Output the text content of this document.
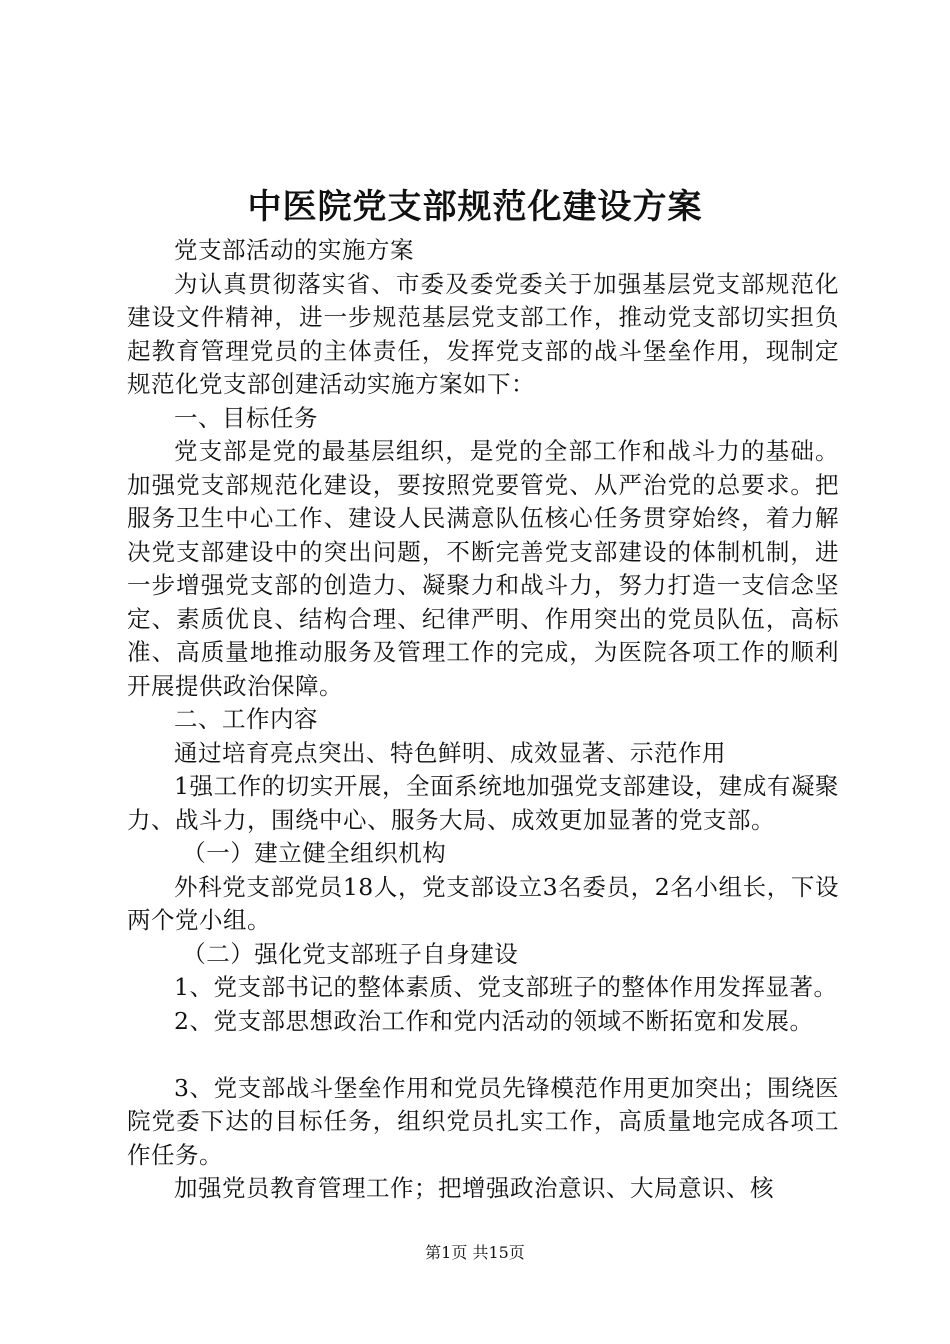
中医院党支部规范化建设方案

党支部活动的实施方案

为认真贯彻落实省、市委及委党委关于加强基层党支部规范化建设文件精神，进一步规范基层党支部工作，推动党支部切实担负起教育管理党员的主体责任，发挥党支部的战斗堡垒作用，现制定规范化党支部创建活动实施方案如下：

一、目标任务

党支部是党的最基层组织，是党的全部工作和战斗力的基础。加强党支部规范化建设，要按照党要管党、从严治党的总要求。把服务卫生中心工作、建设人民满意队伍核心任务贯穿始终，着力解决党支部建设中的突出问题，不断完善党支部建设的体制机制，进一步增强党支部的创造力、凝聚力和战斗力，努力打造一支信念坚定、素质优良、结构合理、纪律严明、作用突出的党员队伍，高标准、高质量地推动服务及管理工作的完成，为医院各项工作的顺利开展提供政治保障。

二、工作内容

通过培育亮点突出、特色鲜明、成效显著、示范作用

1强工作的切实开展，全面系统地加强党支部建设，建成有凝聚力、战斗力，围绕中心、服务大局、成效更加显著的党支部。

（一）建立健全组织机构

外科党支部党员18人，党支部设立3名委员，2名小组长，下设两个党小组。

（二）强化党支部班子自身建设

1、党支部书记的整体素质、党支部班子的整体作用发挥显著。

2、党支部思想政治工作和党内活动的领域不断拓宽和发展。

3、党支部战斗堡垒作用和党员先锋模范作用更加突出；围绕医院党委下达的目标任务，组织党员扎实工作，高质量地完成各项工作任务。

加强党员教育管理工作；把增强政治意识、大局意识、核

第1页 共15页
